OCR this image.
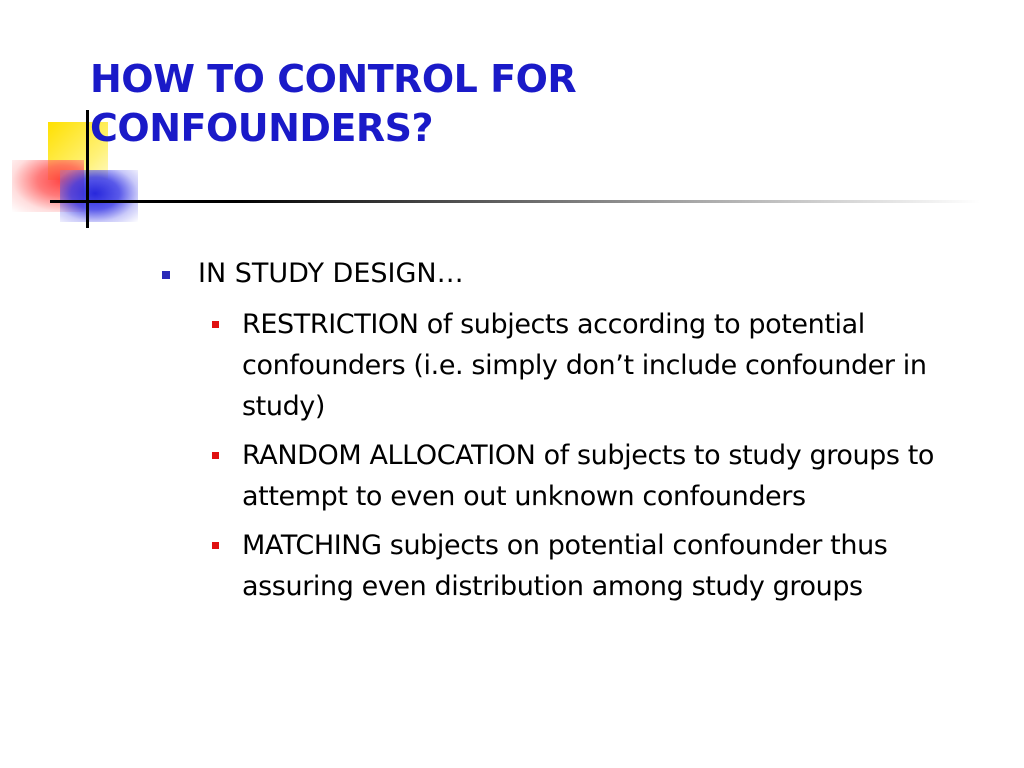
HOW TO CONTROL FOR
CONFOUNDERS?
IN STUDY DESIGN…
RESTRICTION of subjects according to potential confounders (i.e. simply don’t include confounder in study)
RANDOM ALLOCATION of subjects to study groups to attempt to even out unknown confounders
MATCHING subjects on potential confounder thus assuring even distribution among study groups
